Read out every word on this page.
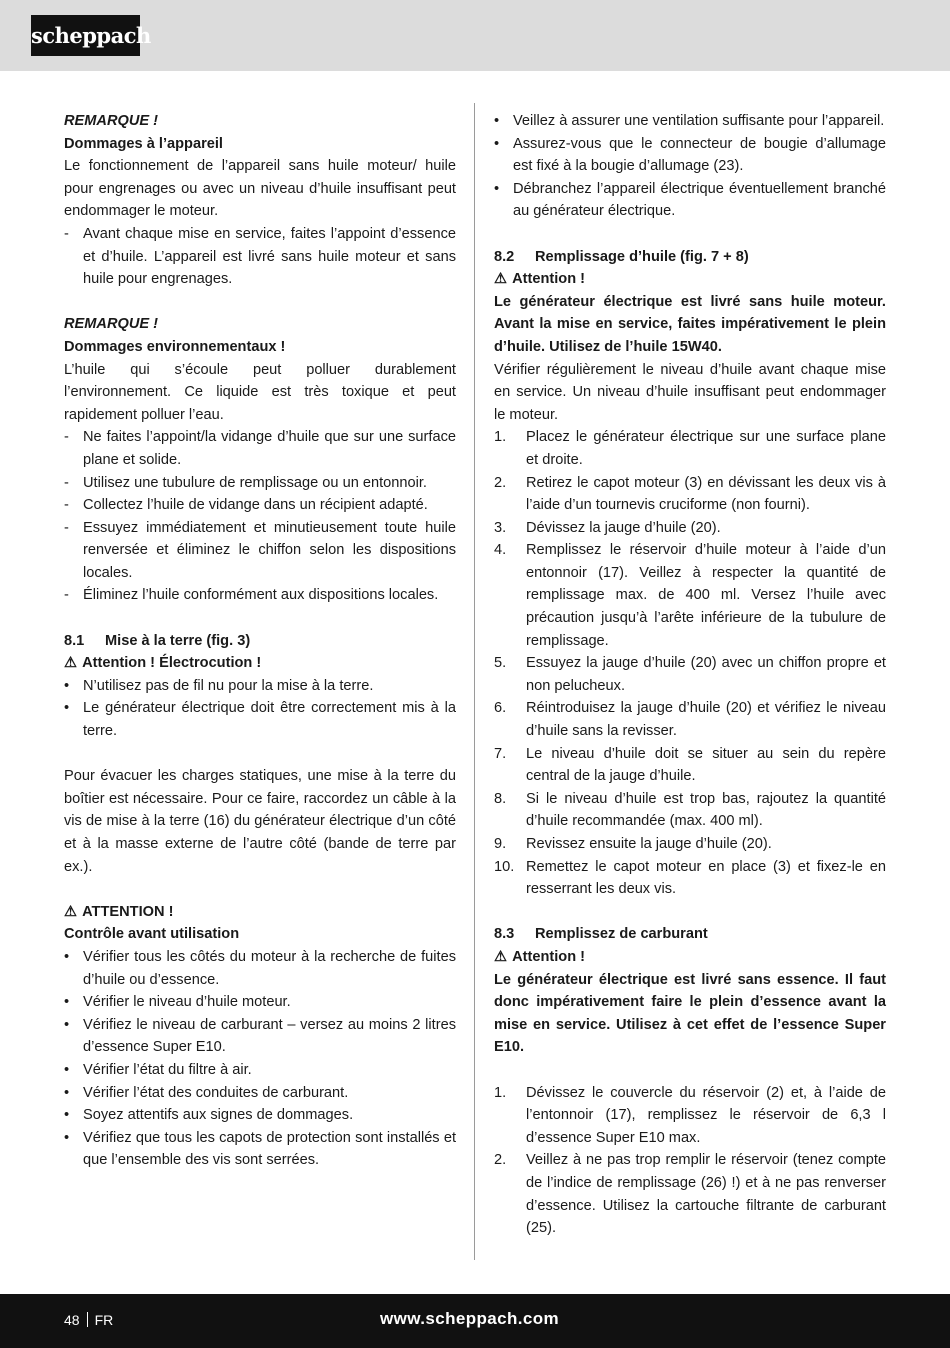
scheppach

REMARQUE !

Dommages à l’appareil

Le fonctionnement de l’appareil sans huile moteur/ huile pour engrenages ou avec un niveau d’huile insuffisant peut endommager le moteur.

- Avant chaque mise en service, faites l’appoint d’essence et d’huile. L’appareil est livré sans huile moteur et sans huile pour engrenages.

REMARQUE !

Dommages environnementaux !

L’huile qui s’écoule peut polluer durablement l’environnement. Ce liquide est très toxique et peut rapidement polluer l’eau.

- Ne faites l’appoint/la vidange d’huile que sur une surface plane et solide.
- Utilisez une tubulure de remplissage ou un entonnoir.
- Collectez l’huile de vidange dans un récipient adapté.
- Essuyez immédiatement et minutieusement toute huile renversée et éliminez le chiffon selon les dispositions locales.
- Éliminez l’huile conformément aux dispositions locales.

8.1 Mise à la terre (fig. 3)

⚠ Attention ! Électrocution !

• N’utilisez pas de fil nu pour la mise à la terre.
• Le générateur électrique doit être correctement mis à la terre.

Pour évacuer les charges statiques, une mise à la terre du boîtier est nécessaire. Pour ce faire, raccordez un câble à la vis de mise à la terre (16) du générateur électrique d’un côté et à la masse externe de l’autre côté (bande de terre par ex.).

⚠ ATTENTION !

Contrôle avant utilisation

• Vérifier tous les côtés du moteur à la recherche de fuites d’huile ou d’essence.
• Vérifier le niveau d’huile moteur.
• Vérifiez le niveau de carburant – versez au moins 2 litres d’essence Super E10.
• Vérifier l’état du filtre à air.
• Vérifier l’état des conduites de carburant.
• Soyez attentifs aux signes de dommages.
• Vérifiez que tous les capots de protection sont installés et que l’ensemble des vis sont serrées.
• Veillez à assurer une ventilation suffisante pour l’appareil.
• Assurez-vous que le connecteur de bougie d’allumage est fixé à la bougie d’allumage (23).
• Débranchez l’appareil électrique éventuellement branché au générateur électrique.

8.2 Remplissage d’huile (fig. 7 + 8)

⚠ Attention !

Le générateur électrique est livré sans huile moteur. Avant la mise en service, faites impérativement le plein d’huile. Utilisez de l’huile 15W40.

Vérifier régulièrement le niveau d’huile avant chaque mise en service. Un niveau d’huile insuffisant peut endommager le moteur.

1. Placez le générateur électrique sur une surface plane et droite.
2. Retirez le capot moteur (3) en dévissant les deux vis à l’aide d’un tournevis cruciforme (non fourni).
3. Dévissez la jauge d’huile (20).
4. Remplissez le réservoir d’huile moteur à l’aide d’un entonnoir (17). Veillez à respecter la quantité de remplissage max. de 400 ml. Versez l’huile avec précaution jusqu’à l’arête inférieure de la tubulure de remplissage.
5. Essuyez la jauge d’huile (20) avec un chiffon propre et non pelucheux.
6. Réintroduisez la jauge d’huile (20) et vérifiez le niveau d’huile sans la revisser.
7. Le niveau d’huile doit se situer au sein du repère central de la jauge d’huile.
8. Si le niveau d’huile est trop bas, rajoutez la quantité d’huile recommandée (max. 400 ml).
9. Revissez ensuite la jauge d’huile (20).
10. Remettez le capot moteur en place (3) et fixez-le en resserrant les deux vis.

8.3 Remplissez de carburant

⚠ Attention !

Le générateur électrique est livré sans essence. Il faut donc impérativement faire le plein d’essence avant la mise en service. Utilisez à cet effet de l’essence Super E10.

1. Dévissez le couvercle du réservoir (2) et, à l’aide de l’entonnoir (17), remplissez le réservoir de 6,3 l d’essence Super E10 max.
2. Veillez à ne pas trop remplir le réservoir (tenez compte de l’indice de remplissage (26) !) et à ne pas renverser d’essence. Utilisez la cartouche filtrante de carburant (25).
48 FR	www.scheppach.com
